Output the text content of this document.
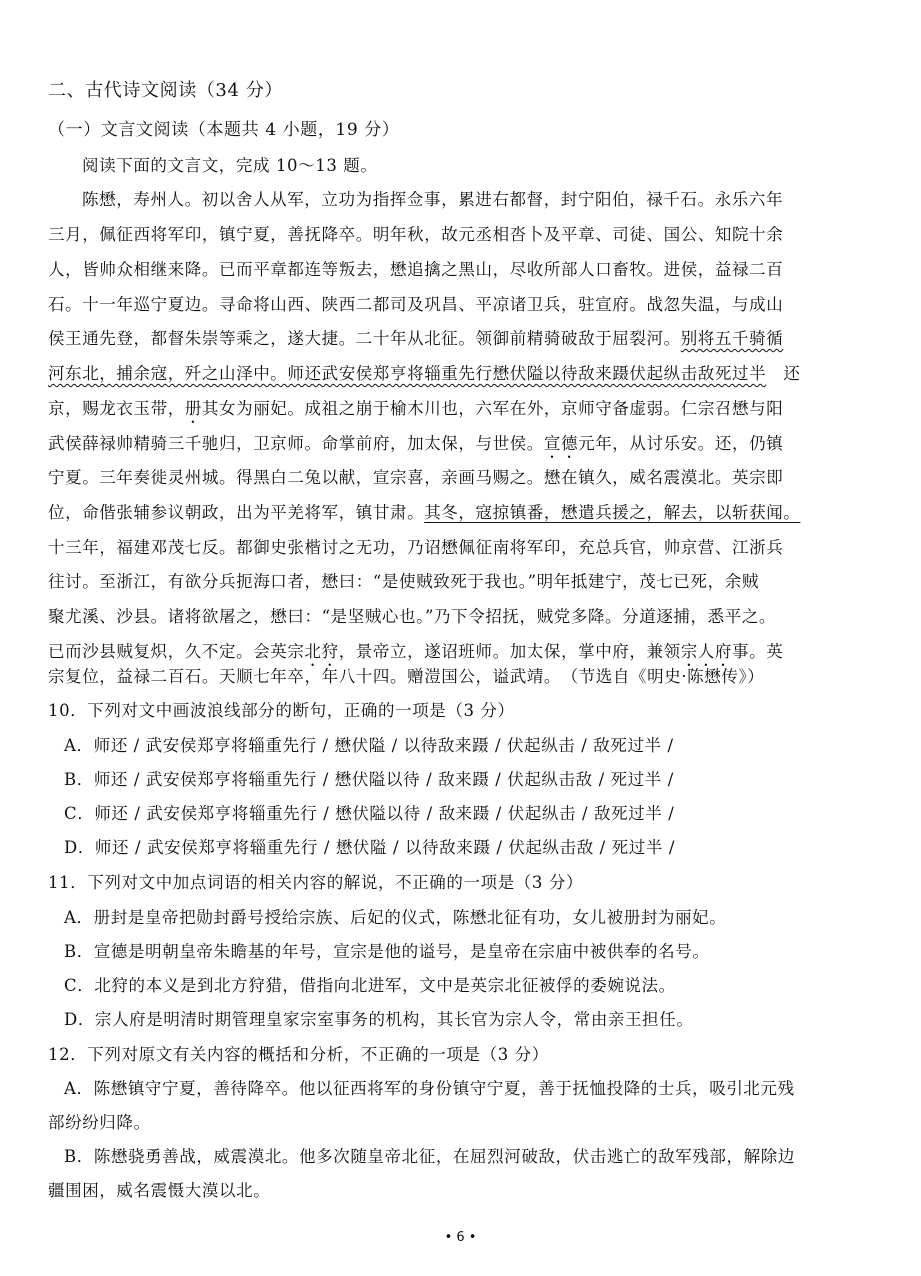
二、古代诗文阅读（34 分）
（一）文言文阅读（本题共 4 小题，19 分）
阅读下面的文言文，完成 10～13 题。
陈懋，寿州人。初以舍人从军，立功为指挥佥事，累进右都督，封宁阳伯，禄千石。永乐六年
三月，佩征西将军印，镇宁夏，善抚降卒。明年秋，故元丞相呇卜及平章、司徒、国公、知院十余
人，皆帅众相继来降。已而平章都连等叛去，懋追擒之黑山，尽收所部人口畜牧。进侯，益禄二百
石。十一年巡宁夏边。寻命将山西、陕西二都司及巩昌、平凉诸卫兵，驻宣府。战忽失温，与成山
侯王通先登，都督朱崇等乘之，遂大捷。二十年从北征。领御前精骑破敌于屈裂河。别将五千骑循
河东北，捕余寇，歼之山泽中。师还武安侯郑亨将辎重先行懋伏隘以待敌来蹑伏起纵击敌死过半　 还
京，赐龙衣玉带，册其女为丽妃。成祖之崩于榆木川也，六军在外，京师守备虚弱。仁宗召懋与阳
武侯薛禄帅精骑三千驰归，卫京师。命掌前府，加太保，与世侯。宣德元年，从讨乐安。还，仍镇
宁夏。三年奏徙灵州城。得黑白二兔以献，宣宗喜，亲画马赐之。懋在镇久，威名震漠北。英宗即
位，命偕张辅参议朝政，出为平羌将军，镇甘肃。其冬，寇掠镇番，懋遣兵援之，解去，以斩获闻。
十三年，福建邓茂七反。都御史张楷讨之无功，乃诏懋佩征南将军印，充总兵官，帅京营、江浙兵
往讨。至浙江，有欲分兵扼海口者，懋曰：“是使贼致死于我也。”明年抵建宁，茂七已死，余贼
聚尤溪、沙县。诸将欲屠之，懋曰：“是坚贼心也。”乃下令招抚，贼党多降。分道逐捕，悉平之。
已而沙县贼复炽，久不定。会英宗北狩，景帝立，遂诏班师。加太保，掌中府，兼领宗人府事。英
宗复位，益禄二百石。天顺七年卒，年八十四。赠溰国公，谥武靖。　（节选自《明史·陈懋传》）
10．下列对文中画波浪线部分的断句，正确的一项是（3 分）
A．师还 / 武安侯郑亨将辎重先行 / 懋伏隘 / 以待敌来蹑 / 伏起纵击 / 敌死过半 /
B．师还 / 武安侯郑亨将辎重先行 / 懋伏隘以待 / 敌来蹑 / 伏起纵击敌 / 死过半 /
C．师还 / 武安侯郑亨将辎重先行 / 懋伏隘以待 / 敌来蹑 / 伏起纵击 / 敌死过半 /
D．师还 / 武安侯郑亨将辎重先行 / 懋伏隘 / 以待敌来蹑 / 伏起纵击敌 / 死过半 /
11．下列对文中加点词语的相关内容的解说，不正确的一项是（3 分）
A．册封是皇帝把勋封爵号授给宗族、后妃的仪式，陈懋北征有功，女儿被册封为丽妃。
B．宣德是明朝皇帝朱瞻基的年号，宣宗是他的谥号，是皇帝在宗庙中被供奉的名号。
C．北狩的本义是到北方狩猎，借指向北进军，文中是英宗北征被俘的委婉说法。
D．宗人府是明清时期管理皇家宗室事务的机构，其长官为宗人令，常由亲王担任。
12．下列对原文有关内容的概括和分析，不正确的一项是（3 分）
A．陈懋镇守宁夏，善待降卒。他以征西将军的身份镇守宁夏，善于抚恤投降的士兵，吸引北元残
部纷纷归降。
B．陈懋骁勇善战，威震漠北。他多次随皇帝北征，在屈烈河破敌，伏击逃亡的敌军残部，解除边
疆围困，威名震慑大漠以北。
• 6 •
